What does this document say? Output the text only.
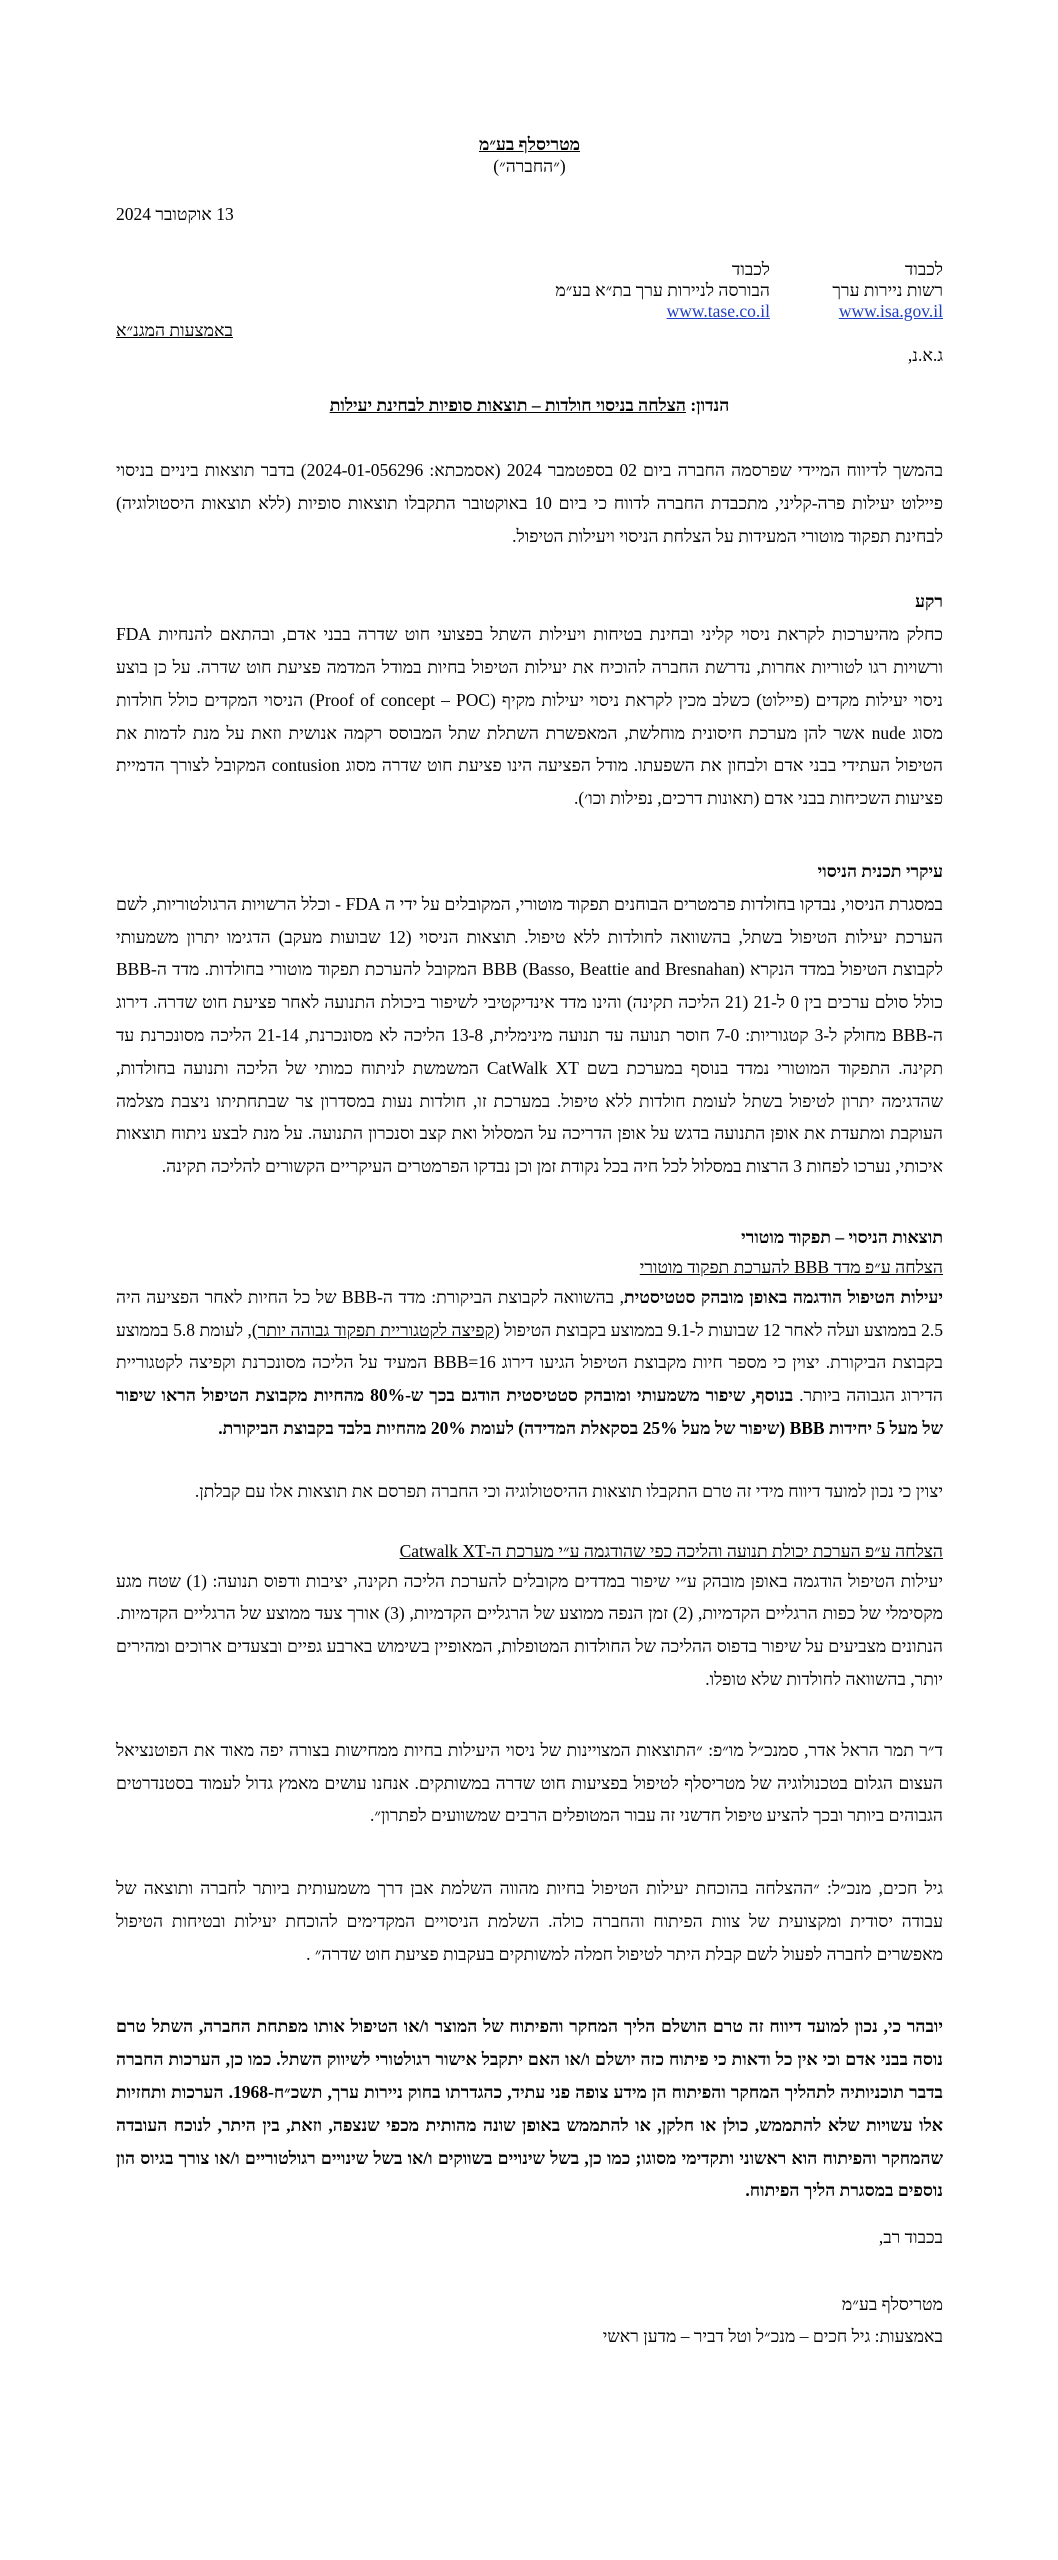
מטריסלף בע״מ
(״החברה״)
13 אוקטובר 2024
לכבוד
רשות ניירות ערך
www.isa.gov.il
לכבוד
הבורסה לניירות ערך בת״א בע״מ
www.tase.co.il
באמצעות המגנ״א
ג.א.נ,
הנדון: הצלחה בניסוי חולדות – תוצאות סופיות לבחינת יעילות

בהמשך לדיווח המיידי שפרסמה החברה ביום 02 בספטמבר 2024 (אסמכתא: 2024-01-056296) בדבר תוצאות ביניים בניסוי פיילוט יעילות פרה-קליני, מתכבדת החברה לדווח כי ביום 10 באוקטובר התקבלו תוצאות סופיות (ללא תוצאות היסטולוגיה) לבחינת תפקוד מוטורי המעידות על הצלחת הניסוי ויעילות הטיפול.

רקע

כחלק מהיערכות לקראת ניסוי קליני ובחינת בטיחות ויעילות השתל בפצועי חוט שדרה בבני אדם, ובהתאם להנחיות FDA ורשויות רגו לטוריות אחרות, נדרשת החברה להוכיח את יעילות הטיפול בחיות במודל המדמה פציעת חוט שדרה. על כן בוצע ניסוי יעילות מקדים (פיילוט) כשלב מכין לקראת ניסוי יעילות מקיף (Proof of concept – POC) הניסוי המקדים כולל חולדות מסוג nude אשר להן מערכת חיסונית מוחלשת, המאפשרת השתלת שתל המבוסס רקמה אנושית וזאת על מנת לדמות את הטיפול העתידי בבני אדם ולבחון את השפעתו. מודל הפציעה הינו פציעת חוט שדרה מסוג contusion המקובל לצורך הדמיית פציעות השכיחות בבני אדם (תאונות דרכים, נפילות וכו׳).

עיקרי תכנית הניסוי

במסגרת הניסוי, נבדקו בחולדות פרמטרים הבוחנים תפקוד מוטורי, המקובלים על ידי ה FDA - וכלל הרשויות הרגולטוריות, לשם הערכת יעילות הטיפול בשתל, בהשוואה לחולדות ללא טיפול. תוצאות הניסוי (12 שבועות מעקב) הדגימו יתרון משמעותי לקבוצת הטיפול במדד הנקרא BBB (Basso, Beattie and Bresnahan) המקובל להערכת תפקוד מוטורי בחולדות. מדד ה-BBB כולל סולם ערכים בין 0 ל-21 (21 הליכה תקינה) והינו מדד אינדיקטיבי לשיפור ביכולת התנועה לאחר פציעת חוט שדרה. דירוג ה-BBB מחולק ל-3 קטגוריות: 7-0 חוסר תנועה עד תנועה מינימלית, 13-8 הליכה לא מסונכרנת, 21-14 הליכה מסונכרנת עד תקינה. התפקוד המוטורי נמדד בנוסף במערכת בשם CatWalk XT המשמשת לניתוח כמותי של הליכה ותנועה בחולדות, שהדגימה יתרון לטיפול בשתל לעומת חולדות ללא טיפול. במערכת זו, חולדות נעות במסדרון צר שבתחתיתו ניצבת מצלמה העוקבת ומתעדת את אופן התנועה בדגש על אופן הדריכה על המסלול ואת קצב וסנכרון התנועה. על מנת לבצע ניתוח תוצאות איכותי, נערכו לפחות 3 הרצות במסלול לכל חיה בכל נקודת זמן וכן נבדקו הפרמטרים העיקריים הקשורים להליכה תקינה.

תוצאות הניסוי – תפקוד מוטורי
הצלחה ע״פ מדד BBB להערכת תפקוד מוטורי

יעילות הטיפול הודגמה באופן מובהק סטטיסטית, בהשוואה לקבוצת הביקורת: מדד ה-BBB של כל החיות לאחר הפציעה היה 2.5 בממוצע ועלה לאחר 12 שבועות ל-9.1 בממוצע בקבוצת הטיפול (קפיצה לקטגוריית תפקוד גבוהה יותר), לעומת 5.8 בממוצע בקבוצת הביקורת. יצוין כי מספר חיות מקבוצת הטיפול הגיעו דירוג BBB=16 המעיד על הליכה מסונכרנת וקפיצה לקטגוריית הדירוג הגבוהה ביותר. בנוסף, שיפור משמעותי ומובהק סטטיסטית הודגם בכך ש-80% מהחיות מקבוצת הטיפול הראו שיפור של מעל 5 יחידות BBB (שיפור של מעל 25% בסקאלת המדידה) לעומת 20% מהחיות בלבד בקבוצת הביקורת.

יצוין כי נכון למועד דיווח מידי זה טרם התקבלו תוצאות ההיסטולוגיה וכי החברה תפרסם את תוצאות אלו עם קבלתן.

הצלחה ע״פ הערכת יכולת תנועה והליכה כפי שהודגמה ע״י מערכת ה-Catwalk XT

יעילות הטיפול הודגמה באופן מובהק ע״י שיפור במדדים מקובלים להערכת הליכה תקינה, יציבות ודפוס תנועה: (1) שטח מגע מקסימלי של כפות הרגליים הקדמיות, (2) זמן הנפה ממוצע של הרגליים הקדמיות, (3) אורך צעד ממוצע של הרגליים הקדמיות. הנתונים מצביעים על שיפור בדפוס ההליכה של החולדות המטופלות, המאופיין בשימוש בארבע גפיים ובצעדים ארוכים ומהירים יותר, בהשוואה לחולדות שלא טופלו.

ד״ר תמר הראל אדר, סמנכ״ל מו״פ: ״התוצאות המצויינות של ניסוי היעילות בחיות ממחישות בצורה יפה מאוד את הפוטנציאל העצום הגלום בטכנולוגיה של מטריסלף לטיפול בפציעות חוט שדרה במשותקים. אנחנו עושים מאמץ גדול לעמוד בסטנדרטים הגבוהים ביותר ובכך להציע טיפול חדשני זה עבור המטופלים הרבים שמשוועים לפתרון״.

גיל חכים, מנכ״ל: ״ההצלחה בהוכחת יעילות הטיפול בחיות מהווה השלמת אבן דרך משמעותית ביותר לחברה ותוצאה של עבודה יסודית ומקצועית של צוות הפיתוח והחברה כולה. השלמת הניסויים המקדימים להוכחת יעילות ובטיחות הטיפול מאפשרים לחברה לפעול לשם קבלת היתר לטיפול חמלה למשותקים בעקבות פציעת חוט שדרה״ .

יובהר כי, נכון למועד דיווח זה טרם הושלם הליך המחקר והפיתוח של המוצר ו/או הטיפול אותו מפתחת החברה, השתל טרם נוסה בבני אדם וכי אין כל ודאות כי פיתוח כזה יושלם ו/או האם יתקבל אישור רגולטורי לשיווק השתל. כמו כן, הערכות החברה בדבר תוכניותיה לתהליך המחקר והפיתוח הן מידע צופה פני עתיד, כהגדרתו בחוק ניירות ערך, תשכ״ח-1968. הערכות ותחזיות אלו עשויות שלא להתממש, כולן או חלקן, או להתממש באופן שונה מהותית מכפי שנצפה, וזאת, בין היתר, לנוכח העובדה שהמחקר והפיתוח הוא ראשוני ותקדימי מסוגו; כמו כן, בשל שינויים בשווקים ו/או בשל שינויים רגולטוריים ו/או צורך בגיוס הון נוספים במסגרת הליך הפיתוח.

בכבוד רב,
מטריסלף בע״מ
באמצעות: גיל חכים – מנכ״ל וטל דביר – מדען ראשי
